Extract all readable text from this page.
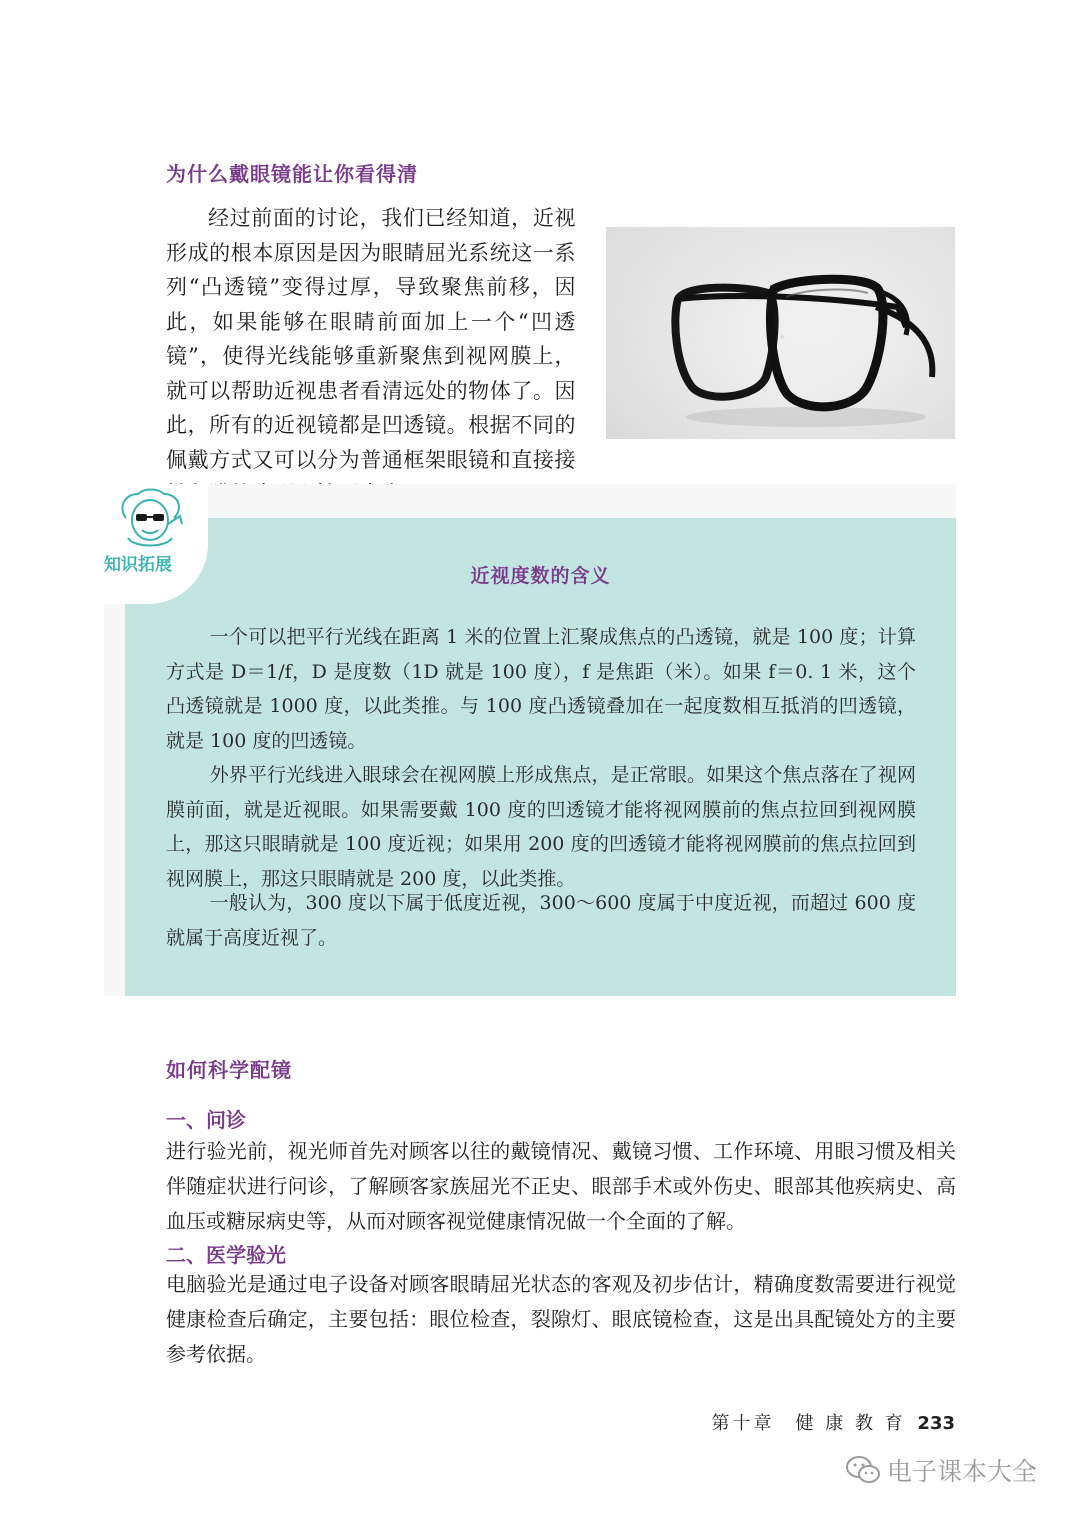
为什么戴眼镜能让你看得清

经过前面的讨论，我们已经知道，近视形成的根本原因是因为眼睛屈光系统这一系列“凸透镜”变得过厚，导致聚焦前移，因此，如果能够在眼睛前面加上一个“凹透镜”，使得光线能够重新聚焦到视网膜上，就可以帮助近视患者看清远处的物体了。因此，所有的近视镜都是凹透镜。根据不同的佩戴方式又可以分为普通框架眼镜和直接接

知识拓展	近视度数的含义

一个可以把平行光线在距离 1 米的位置上汇聚成焦点的凸透镜，就是 100 度；计算方式是 D＝1/f，D 是度数（1D 就是 100 度），f 是焦距（米）。如果 f＝0. 1 米，这个凸透镜就是 1000 度，以此类推。与 100 度凸透镜叠加在一起度数相互抵消的凹透镜，就是 100 度的凹透镜。

外界平行光线进入眼球会在视网膜上形成焦点，是正常眼。如果这个焦点落在了视网膜前面，就是近视眼。如果需要戴 100 度的凹透镜才能将视网膜前的焦点拉回到视网膜上，那这只眼睛就是 100 度近视；如果用 200 度的凹透镜才能将视网膜前的焦点拉回到视网膜上，那这只眼睛就是 200 度，以此类推。

一般认为，300 度以下属于低度近视，300～600 度属于中度近视，而超过 600 度就属于高度近视了。

如何科学配镜
一、问诊

进行验光前，视光师首先对顾客以往的戴镜情况、戴镜习惯、工作环境、用眼习惯及相关伴随症状进行问诊，了解顾客家族屈光不正史、眼部手术或外伤史、眼部其他疾病史、高血压或糖尿病史等，从而对顾客视觉健康情况做一个全面的了解。

二、医学验光

电脑验光是通过电子设备对顾客眼睛屈光状态的客观及初步估计，精确度数需要进行视觉健康检查后确定，主要包括：眼位检查，裂隙灯、眼底镜检查，这是出具配镜处方的主要参考依据。

第十章　健 康 教 育 233
电子课本大全
